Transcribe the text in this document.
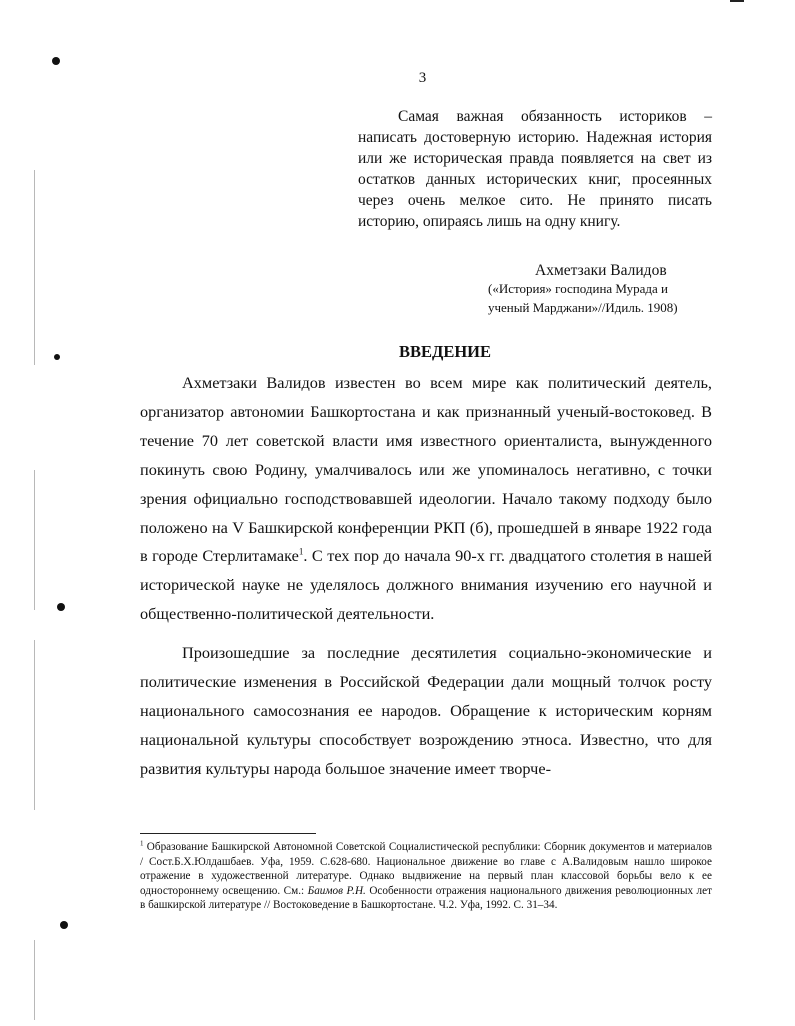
3

Самая важная обязанность историков – написать достоверную историю. Надежная история или же историческая правда появляется на свет из остатков данных исторических книг, просеянных через очень мелкое сито. Не принято писать историю, опираясь лишь на одну книгу.

Ахметзаки Валидов
(«История» господина Мурада и
ученый Марджани»//Идиль. 1908)
ВВЕДЕНИЕ

Ахметзаки Валидов известен во всем мире как политический деятель, организатор автономии Башкортостана и как признанный ученый-востоковед. В течение 70 лет советской власти имя известного ориенталиста, вынужденного покинуть свою Родину, умалчивалось или же упоминалось негативно, с точки зрения официально господствовавшей идеологии. Начало такому подходу было положено на V Башкирской конференции РКП (б), прошедшей в январе 1922 года в городе Стерлитамаке$^1$. С тех пор до начала 90-х гг. двадцатого столетия в нашей исторической науке не уделялось должного внимания изучению его научной и общественно-политической деятельности.

Произошедшие за последние десятилетия социально-экономические и политические изменения в Российской Федерации дали мощный толчок росту национального самосознания ее народов. Обращение к историческим корням национальной культуры способствует возрождению этноса. Известно, что для развития культуры народа большое значение имеет творче-

$^1$ Образование Башкирской Автономной Советской Социалистической республики: Сборник документов и материалов / Сост.Б.Х.Юлдашбаев. Уфа, 1959. С.628-680. Национальное движение во главе с А.Валидовым нашло широкое отражение в художественной литературе. Однако выдвижение на первый план классовой борьбы вело к ее одностороннему освещению. См.: Баимов Р.Н. Особенности отражения национального движения революционных лет в башкирской литературе // Востоковедение в Башкортостане. Ч.2. Уфа, 1992. С. 31–34.
